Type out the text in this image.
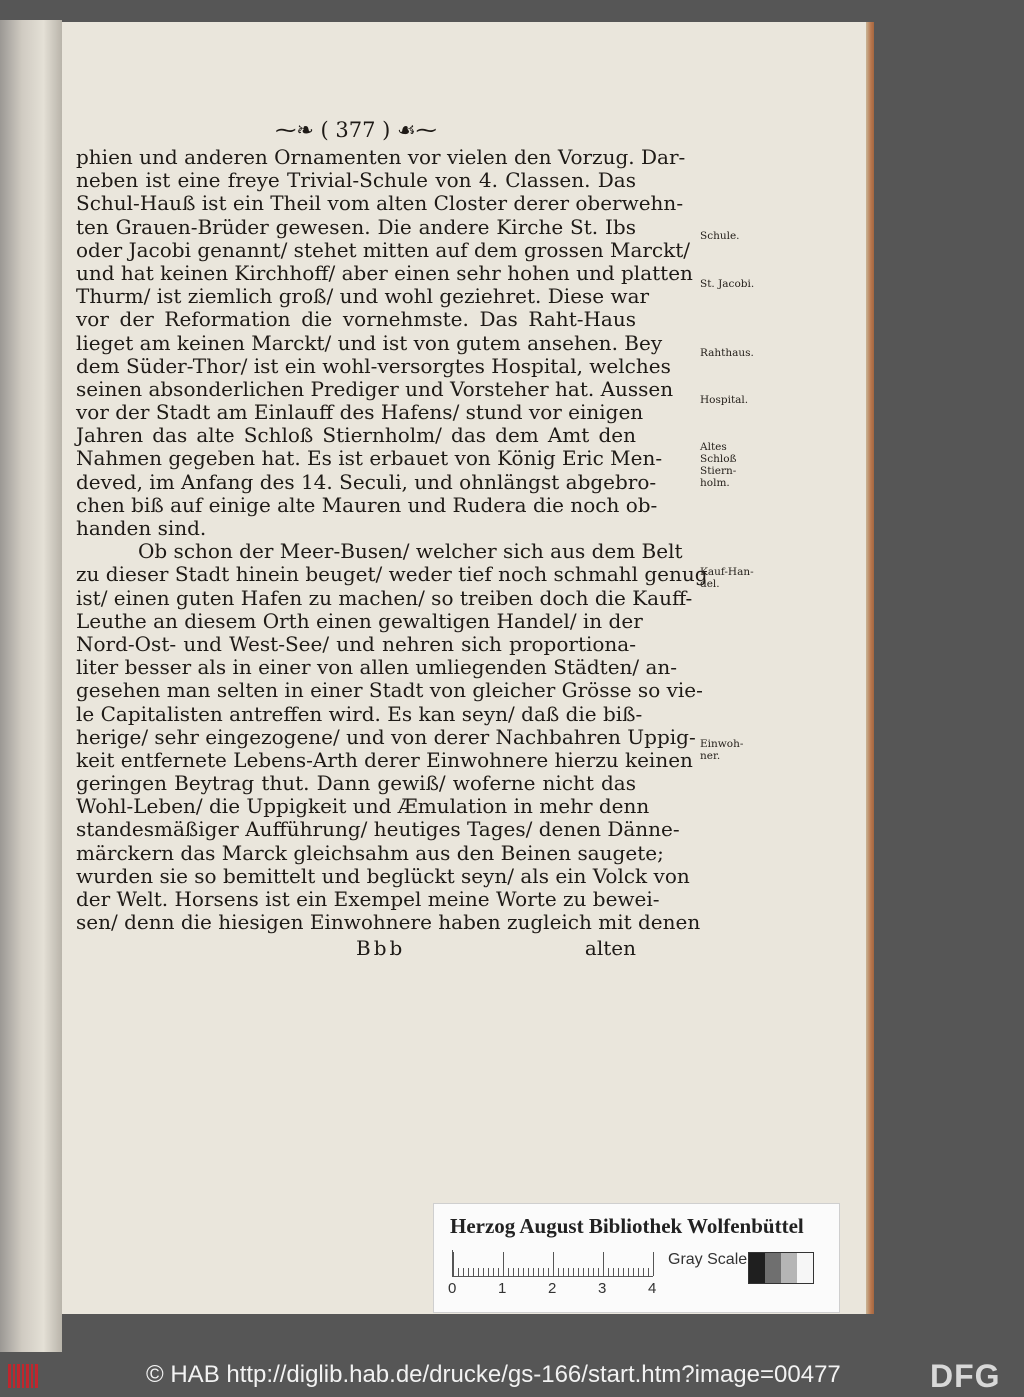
⁓❧ ( 377 ) ☙⁓
phien und anderen Ornamenten vor vielen den Vorzug. Dar-
neben ist eine freye Trivial-Schule von 4. Classen. Das
Schul-Hauß ist ein Theil vom alten Closter derer oberwehn-
ten Grauen-Brüder gewesen. Die andere Kirche St. Ibs
oder Jacobi genannt/ stehet mitten auf dem grossen Marckt/
und hat keinen Kirchhoff/ aber einen sehr hohen und platten
Thurm/ ist ziemlich groß/ und wohl geziehret. Diese war
vor der Reformation die vornehmste. Das Raht-Haus
lieget am keinen Marckt/ und ist von gutem ansehen. Bey
dem Süder-Thor/ ist ein wohl-versorgtes Hospital, welches
seinen absonderlichen Prediger und Vorsteher hat. Aussen
vor der Stadt am Einlauff des Hafens/ stund vor einigen
Jahren das alte Schloß Stiernholm/ das dem Amt den
Nahmen gegeben hat. Es ist erbauet von König Eric Men-
deved, im Anfang des 14. Seculi, und ohnlängst abgebro-
chen biß auf einige alte Mauren und Rudera die noch ob-
handen sind.
Ob schon der Meer-Busen/ welcher sich aus dem Belt
zu dieser Stadt hinein beuget/ weder tief noch schmahl genug
ist/ einen guten Hafen zu machen/ so treiben doch die Kauff-
Leuthe an diesem Orth einen gewaltigen Handel/ in der
Nord-Ost- und West-See/ und nehren sich proportiona-
liter besser als in einer von allen umliegenden Städten/ an-
gesehen man selten in einer Stadt von gleicher Grösse so vie-
le Capitalisten antreffen wird. Es kan seyn/ daß die biß-
herige/ sehr eingezogene/ und von derer Nachbahren Uppig-
keit entfernete Lebens-Arth derer Einwohnere hierzu keinen
geringen Beytrag thut. Dann gewiß/ woferne nicht das
Wohl-Leben/ die Uppigkeit und Æmulation in mehr denn
standesmäßiger Aufführung/ heutiges Tages/ denen Dänne-
märckern das Marck gleichsahm aus den Beinen saugete;
wurden sie so bemittelt und beglückt seyn/ als ein Volck von
der Welt. Horsens ist ein Exempel meine Worte zu bewei-
sen/ denn die hiesigen Einwohnere haben zugleich mit denen
Bbb	alten
Schule.
St. Jacobi.
Rahthaus.
Hospital.
Altes
Schloß
Stiern-
holm.
Kauf-Han-
del.
Einwoh-
ner.
Herzog August Bibliothek Wolfenbüttel
0	1	2	3	4
Gray Scale
© HAB http://diglib.hab.de/drucke/gs-166/start.htm?image=00477	DFG
